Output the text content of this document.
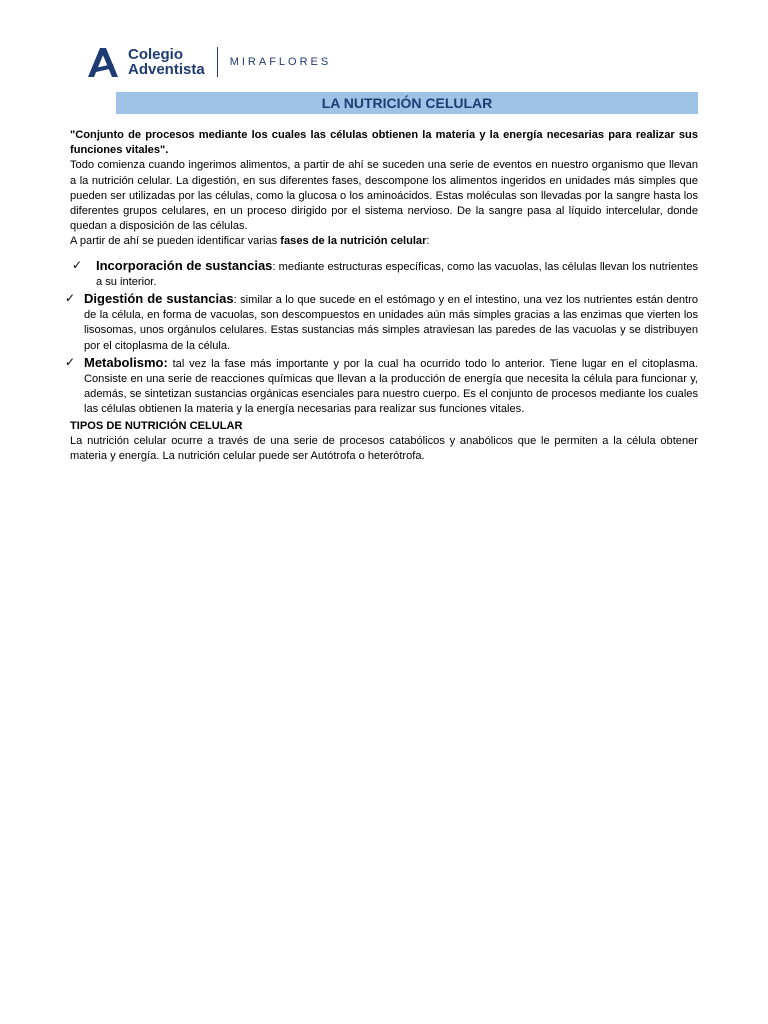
Colegio
Adventista MIRAFLORES
LA NUTRICIÓN CELULAR

"Conjunto de procesos mediante los cuales las células obtienen la materia y la energía necesarias para realizar sus funciones vitales".

Todo comienza cuando ingerimos alimentos, a partir de ahí se suceden una serie de eventos en nuestro organismo que llevan a la nutrición celular. La digestión, en sus diferentes fases, descompone los alimentos ingeridos en unidades más simples que pueden ser utilizadas por las células, como la glucosa o los aminoácidos. Estas moléculas son llevadas por la sangre hasta los diferentes grupos celulares, en un proceso dirigido por el sistema nervioso. De la sangre pasa al líquido intercelular, donde quedan a disposición de las células.

A partir de ahí se pueden identificar varias fases de la nutrición celular:

✓ Incorporación de sustancias: mediante estructuras específicas, como las vacuolas, las células llevan los nutrientes a su interior.
✓ Digestión de sustancias: similar a lo que sucede en el estómago y en el intestino, una vez los nutrientes están dentro de la célula, en forma de vacuolas, son descompuestos en unidades aún más simples gracias a las enzimas que vierten los lisosomas, unos orgánulos celulares. Estas sustancias más simples atraviesan las paredes de las vacuolas y se distribuyen por el citoplasma de la célula.
✓ Metabolismo: tal vez la fase más importante y por la cual ha ocurrido todo lo anterior. Tiene lugar en el citoplasma. Consiste en una serie de reacciones químicas que llevan a la producción de energía que necesita la célula para funcionar y, además, se sintetizan sustancias orgánicas esenciales para nuestro cuerpo. Es el conjunto de procesos mediante los cuales las células obtienen la materia y la energía necesarias para realizar sus funciones vitales.

TIPOS DE NUTRICIÓN CELULAR

La nutrición celular ocurre a través de una serie de procesos catabólicos y anabólicos que le permiten a la célula obtener materia y energía. La nutrición celular puede ser Autótrofa o heterótrofa.
